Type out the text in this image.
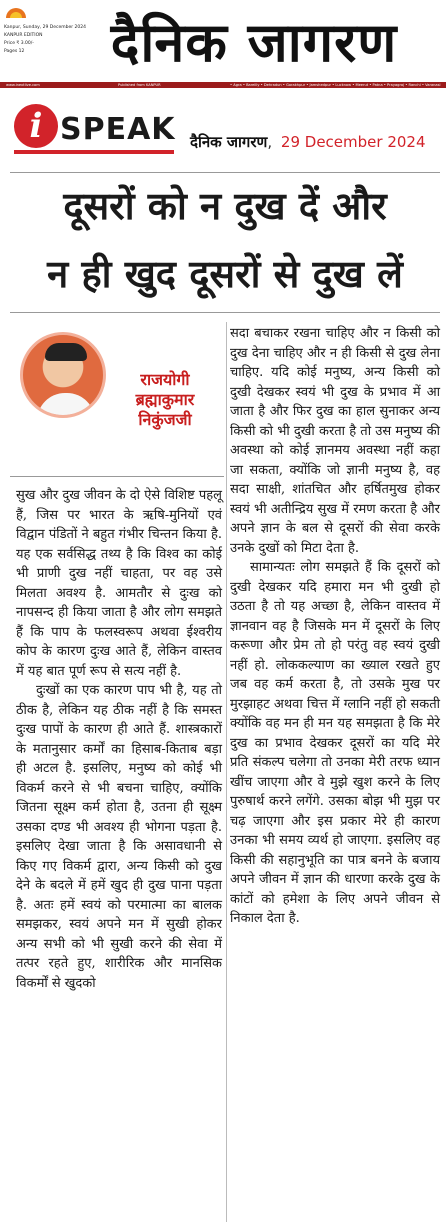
Kanpur, Sunday, 29 December 2024
KANPUR EDITION
Price ₹ 3.00/-
Pages 12	दैनिक जागरण
www.inextlive.com	Published from KANPUR	• Agra • Bareilly • Dehradun • Gorakhpur • Jamshedpur • Lucknow • Meerut • Patna • Prayagraj • Ranchi • Varanasi
i SPEAK दैनिक जागरण , 29 December 2024
दूसरों को न दुख दें और
न ही खुद दूसरों से दुख लें
राजयोगी
ब्रह्माकुमार
निकुंजजी

सुख और दुख जीवन के दो ऐसे विशिष्ट पहलू हैं, जिस पर भारत के ऋषि-मुनियों एवं विद्वान पंडितों ने बहुत गंभीर चिन्तन किया है. यह एक सर्वसिद्ध तथ्य है कि विश्व का कोई भी प्राणी दुख नहीं चाहता, पर वह उसे मिलता अवश्य है. आमतौर से दुःख को नापसन्द ही किया जाता है और लोग समझते हैं कि पाप के फलस्वरूप अथवा ईश्वरीय कोप के कारण दुःख आते हैं, लेकिन वास्तव में यह बात पूर्ण रूप से सत्य नहीं है.

दुःखों का एक कारण पाप भी है, यह तो ठीक है, लेकिन यह ठीक नहीं है कि समस्त दुःख पापों के कारण ही आते हैं. शास्त्रकारों के मतानुसार कर्मों का हिसाब-किताब बड़ा ही अटल है. इसलिए, मनुष्य को कोई भी विकर्म करने से भी बचना चाहिए, क्योंकि जितना सूक्ष्म कर्म होता है, उतना ही सूक्ष्म उसका दण्ड भी अवश्य ही भोगना पड़ता है. इसलिए देखा जाता है कि असावधानी से किए गए विकर्म द्वारा, अन्य किसी को दुख देने के बदले में हमें खुद ही दुख पाना पड़ता है. अतः हमें स्वयं को परमात्मा का बालक समझकर, स्वयं अपने मन में सुखी होकर अन्य सभी को भी सुखी करने की सेवा में तत्पर रहते हुए, शारीरिक और मानसिक विकर्मों से खुदको

सदा बचाकर रखना चाहिए और न किसी को दुख देना चाहिए और न ही किसी से दुख लेना चाहिए. यदि कोई मनुष्य, अन्य किसी को दुखी देखकर स्वयं भी दुख के प्रभाव में आ जाता है और फिर दुख का हाल सुनाकर अन्य किसी को भी दुखी करता है तो उस मनुष्य की अवस्था को कोई ज्ञानमय अवस्था नहीं कहा जा सकता, क्योंकि जो ज्ञानी मनुष्य है, वह सदा साक्षी, शांतचित और हर्षितमुख होकर स्वयं भी अतीन्द्रिय सुख में रमण करता है और अपने ज्ञान के बल से दूसरों की सेवा करके उनके दुखों को मिटा देता है.

सामान्यतः लोग समझते हैं कि दूसरों को दुखी देखकर यदि हमारा मन भी दुखी हो उठता है तो यह अच्छा है, लेकिन वास्तव में ज्ञानवान वह है जिसके मन में दूसरों के लिए करूणा और प्रेम तो हो परंतु वह स्वयं दुखी नहीं हो. लोककल्याण का ख्याल रखते हुए जब वह कर्म करता है, तो उसके मुख पर मुरझाहट अथवा चित्त में ग्लानि नहीं हो सकती क्योंकि वह मन ही मन यह समझता है कि मेरे दुख का प्रभाव देखकर दूसरों का यदि मेरे प्रति संकल्प चलेगा तो उनका मेरी तरफ ध्यान खींच जाएगा और वे मुझे खुश करने के लिए पुरुषार्थ करने लगेंगे. उसका बोझ भी मुझ पर चढ़ जाएगा और इस प्रकार मेरे ही कारण उनका भी समय व्यर्थ हो जाएगा. इसलिए वह किसी की सहानुभूति का पात्र बनने के बजाय अपने जीवन में ज्ञान की धारणा करके दुख के कांटों को हमेशा के लिए अपने जीवन से निकाल देता है.
